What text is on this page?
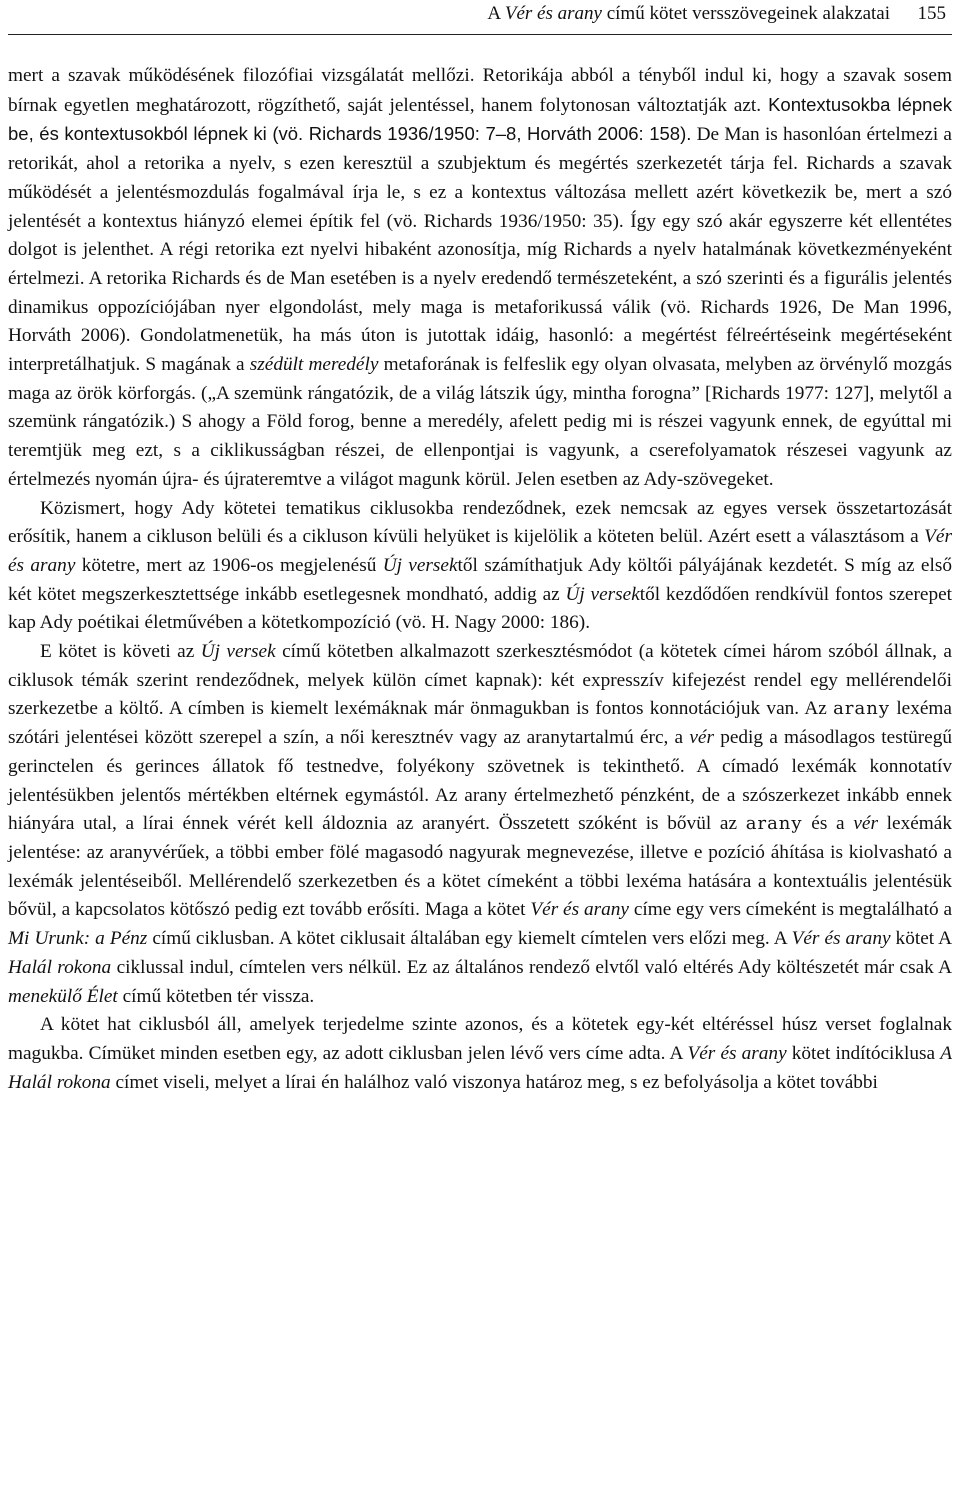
A Vér és arany című kötet versszövegeinek alakzatai 155

mert a szavak működésének filozófiai vizsgálatát mellőzi. Retorikája abból a tényből indul ki, hogy a szavak sosem bírnak egyetlen meghatározott, rögzíthető, saját jelentéssel, hanem folytonosan változtatják azt. Kontextusokba lépnek be, és kontextusokból lépnek ki (vö. Richards 1936/1950: 7–8, Horváth 2006: 158). De Man is hasonlóan értelmezi a retorikát, ahol a retorika a nyelv, s ezen keresztül a szubjektum és megértés szerkezetét tárja fel. Richards a szavak működését a jelentésmozdulás fogalmával írja le, s ez a kontextus változása mellett azért következik be, mert a szó jelentését a kontextus hiányzó elemei építik fel (vö. Richards 1936/1950: 35). Így egy szó akár egyszerre két ellentétes dolgot is jelenthet. A régi retorika ezt nyelvi hibaként azonosítja, míg Richards a nyelv hatalmának következményeként értelmezi. A retorika Richards és de Man esetében is a nyelv eredendő természeteként, a szó szerinti és a figurális jelentés dinamikus oppozíciójában nyer elgondolást, mely maga is metaforikussá válik (vö. Richards 1926, De Man 1996, Horváth 2006). Gondolatmenetük, ha más úton is jutottak idáig, hasonló: a megértést félreértéseink megértéseként interpretálhatjuk. S magának a szédült meredély metaforának is felfeslik egy olyan olvasata, melyben az örvénylő mozgás maga az örök körforgás. („A szemünk rángatózik, de a világ látszik úgy, mintha forogna” [Richards 1977: 127], melytől a szemünk rángatózik.) S ahogy a Föld forog, benne a meredély, afelett pedig mi is részei vagyunk ennek, de egyúttal mi teremtjük meg ezt, s a ciklikusságban részei, de ellenpontjai is vagyunk, a cserefolyamatok részesei vagyunk az értelmezés nyomán újra- és újrateremtve a világot magunk körül. Jelen esetben az Ady-szövegeket.

Közismert, hogy Ady kötetei tematikus ciklusokba rendeződnek, ezek nemcsak az egyes versek összetartozását erősítik, hanem a cikluson belüli és a cikluson kívüli helyüket is kijelölik a köteten belül. Azért esett a választásom a Vér és arany kötetre, mert az 1906-os megjelenésű Új versektől számíthatjuk Ady költői pályájának kezdetét. S míg az első két kötet megszerkesztettsége inkább esetlegesnek mondható, addig az Új versektől kezdődően rendkívül fontos szerepet kap Ady poétikai életművében a kötetkompozíció (vö. H. Nagy 2000: 186).

E kötet is követi az Új versek című kötetben alkalmazott szerkesztésmódot (a kötetek címei három szóból állnak, a ciklusok témák szerint rendeződnek, melyek külön címet kapnak): két expresszív kifejezést rendel egy mellérendelői szerkezetbe a költő. A címben is kiemelt lexémáknak már önmagukban is fontos konnotációjuk van. Az arany lexéma szótári jelentései között szerepel a szín, a női keresztnév vagy az aranytartalmú érc, a vér pedig a másodlagos testüregű gerinctelen és gerinces állatok fő testnedve, folyékony szövetnek is tekinthető. A címadó lexémák konnotatív jelentésükben jelentős mértékben eltérnek egymástól. Az arany értelmezhető pénzként, de a szószerkezet inkább ennek hiányára utal, a lírai énnek vérét kell áldoznia az aranyért. Összetett szóként is bővül az arany és a vér lexémák jelentése: az aranyvérűek, a többi ember fölé magasodó nagyurak megnevezése, illetve e pozíció áhítása is kiolvasható a lexémák jelentéseiből. Mellérendelő szerkezetben és a kötet címeként a többi lexéma hatására a kontextuális jelentésük bővül, a kapcsolatos kötőszó pedig ezt tovább erősíti. Maga a kötet Vér és arany címe egy vers címeként is megtalálható a Mi Urunk: a Pénz című ciklusban. A kötet ciklusait általában egy kiemelt címtelen vers előzi meg. A Vér és arany kötet A Halál rokona ciklussal indul, címtelen vers nélkül. Ez az általános rendező elvtől való eltérés Ady költészetét már csak A menekülő Élet című kötetben tér vissza.

A kötet hat ciklusból áll, amelyek terjedelme szinte azonos, és a kötetek egy-két eltéréssel húsz verset foglalnak magukba. Címüket minden esetben egy, az adott ciklusban jelen lévő vers címe adta. A Vér és arany kötet indítóciklusa A Halál rokona címet viseli, melyet a lírai én halálhoz való viszonya határoz meg, s ez befolyásolja a kötet további
